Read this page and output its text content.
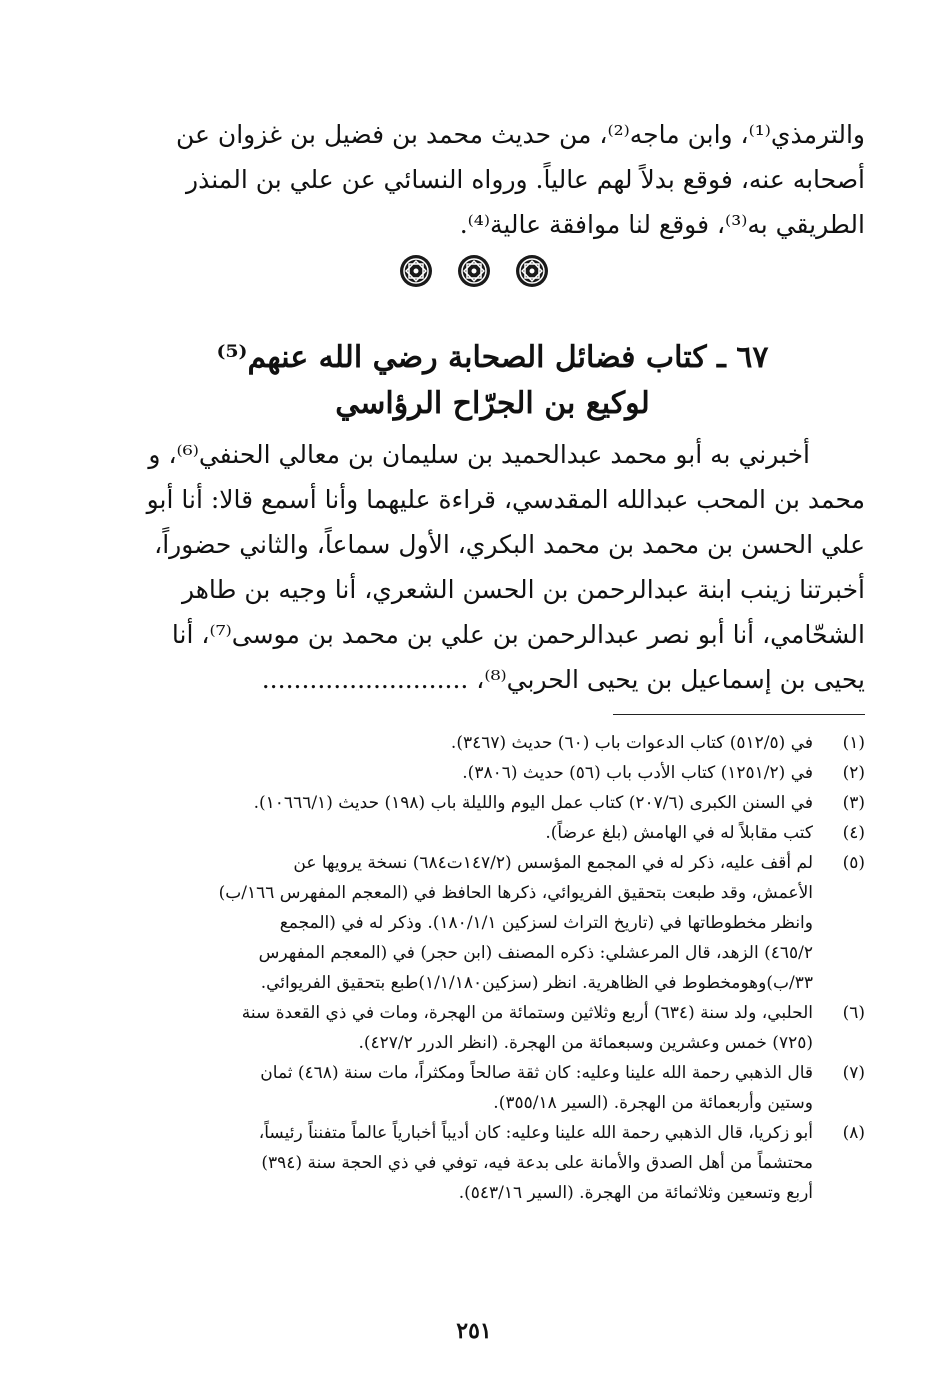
والترمذي⁽¹⁾، وابن ماجه⁽²⁾، من حديث محمد بن فضيل بن غزوان عن
أصحابه عنه، فوقع بدلاً لهم عالياً. ورواه النسائي عن علي بن المنذر
الطريقي به⁽³⁾، فوقع لنا موافقة عالية⁽⁴⁾.
٦٧ ـ كتاب فضائل الصحابة رضي الله عنهم⁽⁵⁾
لوكيع بن الجرّاح الرؤاسي
أخبرني به أبو محمد عبدالحميد بن سليمان بن معالي الحنفي⁽⁶⁾، و
محمد بن المحب عبدالله المقدسي، قراءة عليهما وأنا أسمع قالا: أنا أبو
علي الحسن بن محمد بن محمد البكري، الأول سماعاً، والثاني حضوراً،
أخبرتنا زينب ابنة عبدالرحمن بن الحسن الشعري، أنا وجيه بن طاهر
الشحّامي، أنا أبو نصر عبدالرحمن بن علي بن محمد بن موسى⁽⁷⁾، أنا
يحيى بن إسماعيل بن يحيى الحربي⁽⁸⁾، ..........................
(١)
في (٥١٢/٥) كتاب الدعوات باب (٦٠) حديث (٣٤٦٧).
(٢)
في (١٢٥١/٢) كتاب الأدب باب (٥٦) حديث (٣٨٠٦).
(٣)
في السنن الكبرى (٢٠٧/٦) كتاب عمل اليوم والليلة باب (١٩٨) حديث (١٠٦٦٦/١).
(٤)
كتب مقابلاً له في الهامش (بلغ عرضاً).
(٥)
لم أقف عليه، ذكر له في المجمع المؤسس (١٤٧/٢ت٦٨٤) نسخة يرويها عن
الأعمش، وقد طبعت بتحقيق الفريوائي، ذكرها الحافظ في (المعجم المفهرس ١٦٦/ب)
وانظر مخطوطاتها في (تاريخ التراث لسزكين ١٨٠/١/١). وذكر له في (المجمع
٤٦٥/٢) الزهد، قال المرعشلي: ذكره المصنف (ابن حجر) في (المعجم المفهرس
٣٣/ب)وهومخطوط في الظاهرية. انظر (سزكين١/١/١٨٠)طبع بتحقيق الفريوائي.
(٦)
الحلبي، ولد سنة (٦٣٤) أربع وثلاثين وستمائة من الهجرة، ومات في ذي القعدة سنة
(٧٢٥) خمس وعشرين وسبعمائة من الهجرة. (انظر الدرر ٤٢٧/٢).
(٧)
قال الذهبي رحمة الله علينا وعليه: كان ثقة صالحاً ومكثراً، مات سنة (٤٦٨) ثمان
وستين وأربعمائة من الهجرة. (السير ٣٥٥/١٨).
(٨)
أبو زكريا، قال الذهبي رحمة الله علينا وعليه: كان أديباً أخبارياً عالماً متفنناً رئيساً،
محتشماً من أهل الصدق والأمانة على بدعة فيه، توفي في ذي الحجة سنة (٣٩٤)
أربع وتسعين وثلاثمائة من الهجرة. (السير ٥٤٣/١٦).
٢٥١
